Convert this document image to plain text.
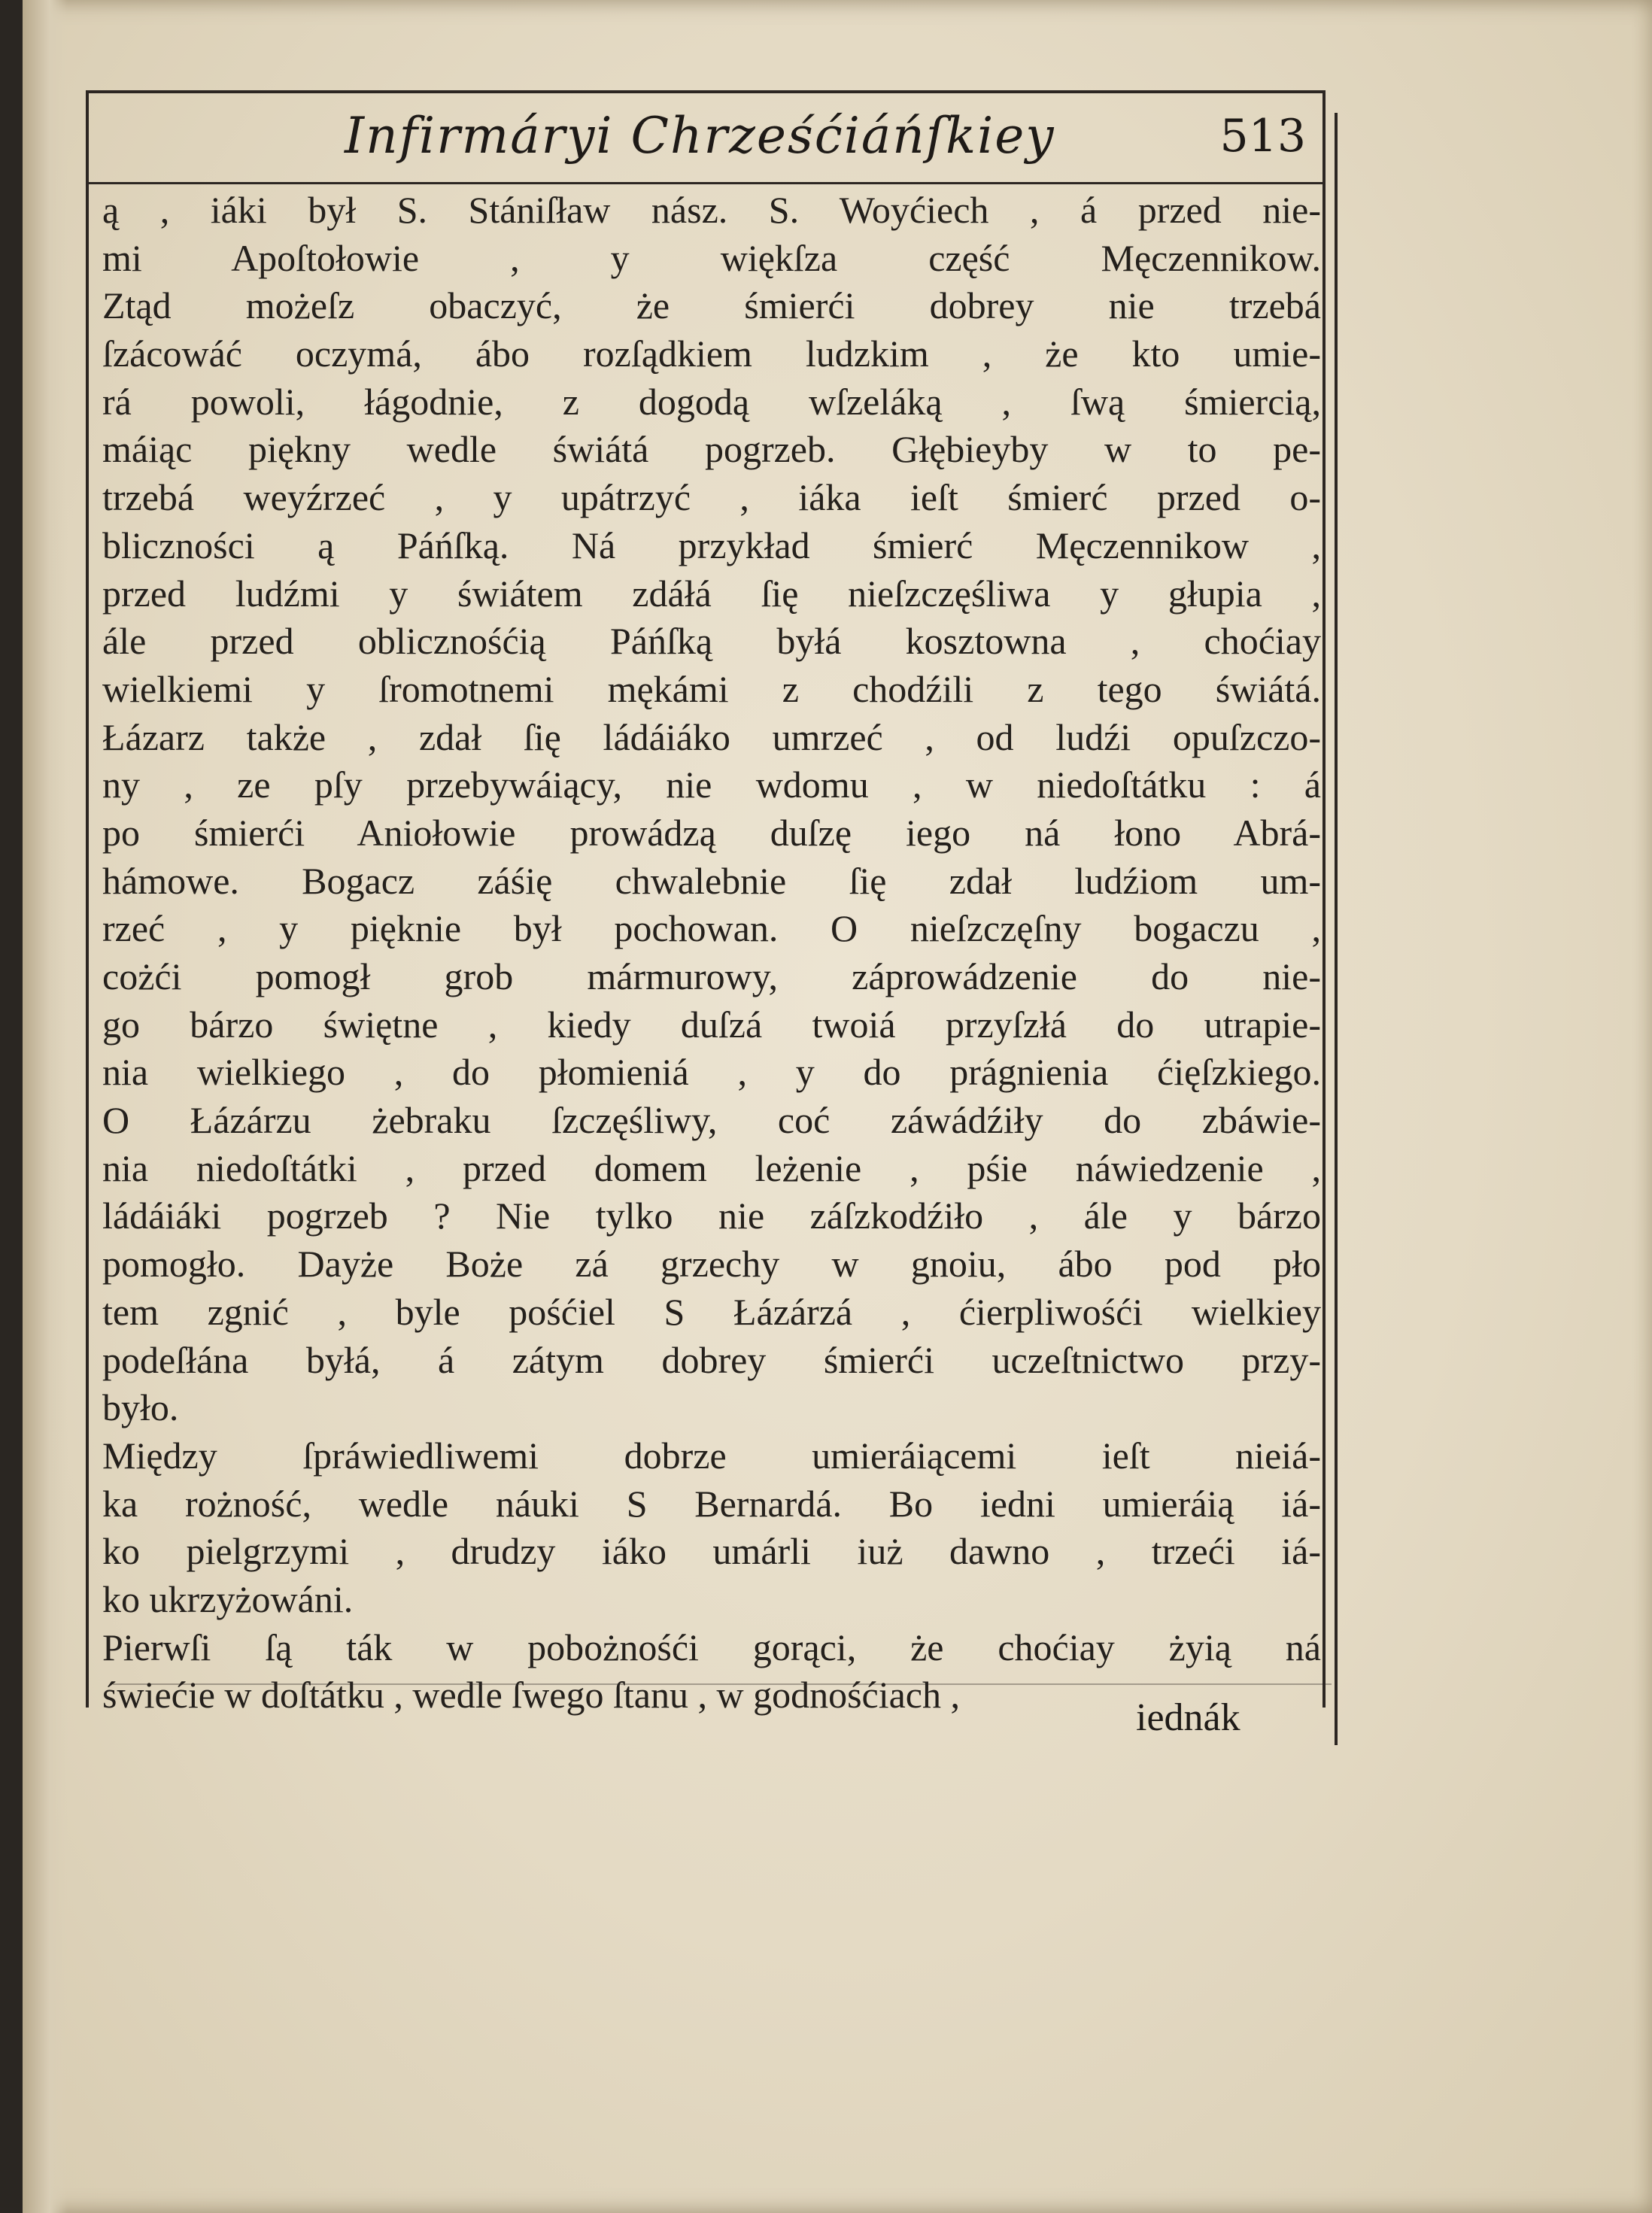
Infirmáryi Chrześćiáńſkiey	513
ą , iáki był S. Stániſław nász. S. Woyćiech , á przed nie-
mi Apoſtołowie , y więkſza część Męczennikow.
Ztąd możeſz obaczyć, że śmierći dobrey nie trzebá
ſzácowáć oczymá, ábo rozſądkiem ludzkim , że kto umie-
rá powoli, łágodnie, z dogodą wſzeláką , ſwą śmiercią,
máiąc piękny wedle świátá pogrzeb. Głębieyby w to pe-
trzebá weyźrzeć , y upátrzyć , iáka ieſt śmierć przed o-
bliczności ą Páńſką. Ná przykład śmierć Męczennikow ,
przed ludźmi y świátem zdáłá ſię nieſzczęśliwa y głupia ,
ále przed oblicznośćią Páńſką byłá kosztowna , choćiay
wielkiemi y ſromotnemi mękámi z chodźili z tego świátá.
Łázarz także , zdał ſię ládáiáko umrzeć , od ludźi opuſzczo-
ny , ze pſy przebywáiący, nie wdomu , w niedoſtátku : á
po śmierći Aniołowie prowádzą duſzę iego ná łono Abrá-
hámowe. Bogacz záśię chwalebnie ſię zdał ludźiom um-
rzeć , y pięknie był pochowan. O nieſzczęſny bogaczu ,
cożći pomogł grob mármurowy, záprowádzenie do nie-
go bárzo świętne , kiedy duſzá twoiá przyſzłá do utrapie-
nia wielkiego , do płomieniá , y do prágnienia ćięſzkiego.
O Łázárzu żebraku ſzczęśliwy, coć záwádźiły do zbáwie-
nia niedoſtátki , przed domem leżenie , pśie náwiedzenie ,
ládáiáki pogrzeb ? Nie tylko nie záſzkodźiło , ále y bárzo
pomogło. Dayże Boże zá grzechy w gnoiu, ábo pod pło
tem zgnić , byle pośćiel S Łázárzá , ćierpliwośći wielkiey
podeſłána byłá, á zátym dobrey śmierći uczeſtnictwo przy-
było.
Między ſpráwiedliwemi dobrze umieráiącemi ieſt nieiá-
ka rożność, wedle náuki S Bernardá. Bo iedni umieráią iá-
ko pielgrzymi , drudzy iáko umárli iuż dawno , trzeći iá-
ko ukrzyżowáni.
Pierwſi ſą ták w pobożnośći gorąci, że choćiay żyią ná
świećie w doſtátku , wedle ſwego ſtanu , w godnośćiach ,
iednák
